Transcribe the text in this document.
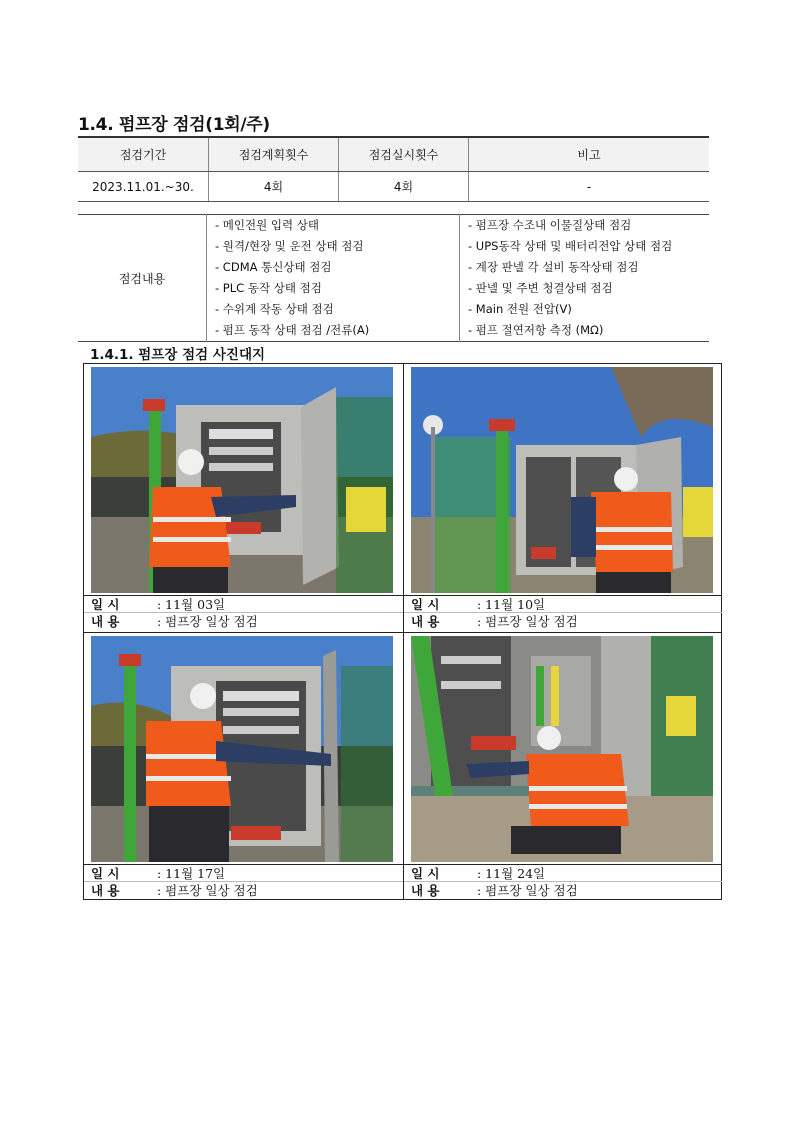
1.4. 펌프장 점검(1회/주)
점검기간	점검계획횟수	점검실시횟수	비고
2023.11.01.~30.	4회	4회	-
점검내용	
- 메인전원 입력 상태
- 원격/현장 및 운전 상태 점검
- CDMA 통신상태 점검
- PLC 동작 상태 점검
- 수위계 작동 상태 점검
- 펌프 동작 상태 점검 /전류(A)

- 펌프장 수조내 이물질상태 점검
- UPS동작 상태 및 배터리전압 상태 점검
- 계장 판넬 각 설비 동작상태 점검
- 판넬 및 주변 청결상태 점검
- Main 전원 전압(V)
- 펌프 절연저항 측정 (MΩ)
1.4.1. 펌프장 점검 사진대지
일 시	: 11월 03일
내 용	: 펌프장 일상 점검
일 시	: 11월 10일
내 용	: 펌프장 일상 점검
일 시	: 11월 17일
내 용	: 펌프장 일상 점검
일 시	: 11월 24일
내 용	: 펌프장 일상 점검
